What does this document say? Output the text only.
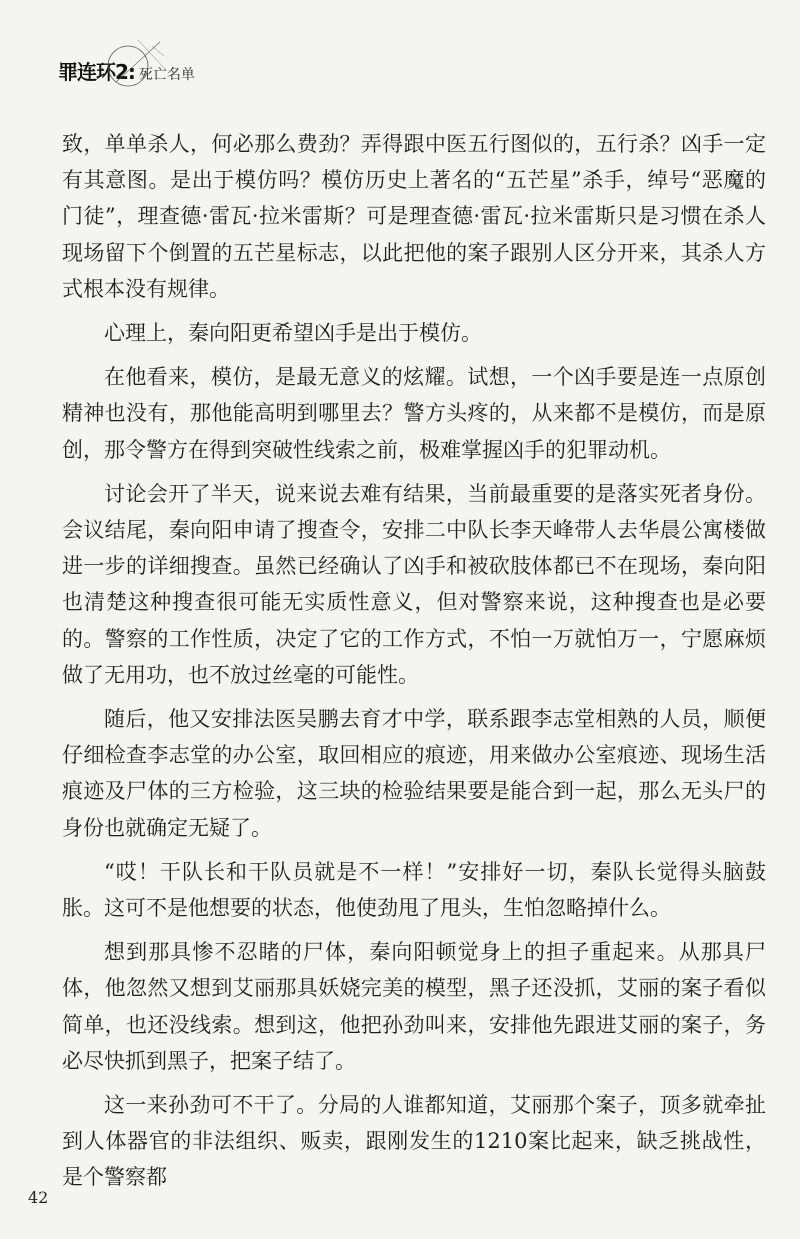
罪连环2: 死亡名单

致，单单杀人，何必那么费劲？弄得跟中医五行图似的，五行杀？凶手一定有其意图。是出于模仿吗？模仿历史上著名的“五芒星”杀手，绰号“恶魔的门徒”，理查德·雷瓦·拉米雷斯？可是理查德·雷瓦·拉米雷斯只是习惯在杀人现场留下个倒置的五芒星标志，以此把他的案子跟别人区分开来，其杀人方式根本没有规律。

心理上，秦向阳更希望凶手是出于模仿。

在他看来，模仿，是最无意义的炫耀。试想，一个凶手要是连一点原创精神也没有，那他能高明到哪里去？警方头疼的，从来都不是模仿，而是原创，那令警方在得到突破性线索之前，极难掌握凶手的犯罪动机。

讨论会开了半天，说来说去难有结果，当前最重要的是落实死者身份。会议结尾，秦向阳申请了搜查令，安排二中队长李天峰带人去华晨公寓楼做进一步的详细搜查。虽然已经确认了凶手和被砍肢体都已不在现场，秦向阳也清楚这种搜查很可能无实质性意义，但对警察来说，这种搜查也是必要的。警察的工作性质，决定了它的工作方式，不怕一万就怕万一，宁愿麻烦做了无用功，也不放过丝毫的可能性。

随后，他又安排法医吴鹏去育才中学，联系跟李志堂相熟的人员，顺便仔细检查李志堂的办公室，取回相应的痕迹，用来做办公室痕迹、现场生活痕迹及尸体的三方检验，这三块的检验结果要是能合到一起，那么无头尸的身份也就确定无疑了。

“哎！干队长和干队员就是不一样！”安排好一切，秦队长觉得头脑鼓胀。这可不是他想要的状态，他使劲甩了甩头，生怕忽略掉什么。

想到那具惨不忍睹的尸体，秦向阳顿觉身上的担子重起来。从那具尸体，他忽然又想到艾丽那具妖娆完美的模型，黑子还没抓，艾丽的案子看似简单，也还没线索。想到这，他把孙劲叫来，安排他先跟进艾丽的案子，务必尽快抓到黑子，把案子结了。

这一来孙劲可不干了。分局的人谁都知道，艾丽那个案子，顶多就牵扯到人体器官的非法组织、贩卖，跟刚发生的1210案比起来，缺乏挑战性，是个警察都

42
